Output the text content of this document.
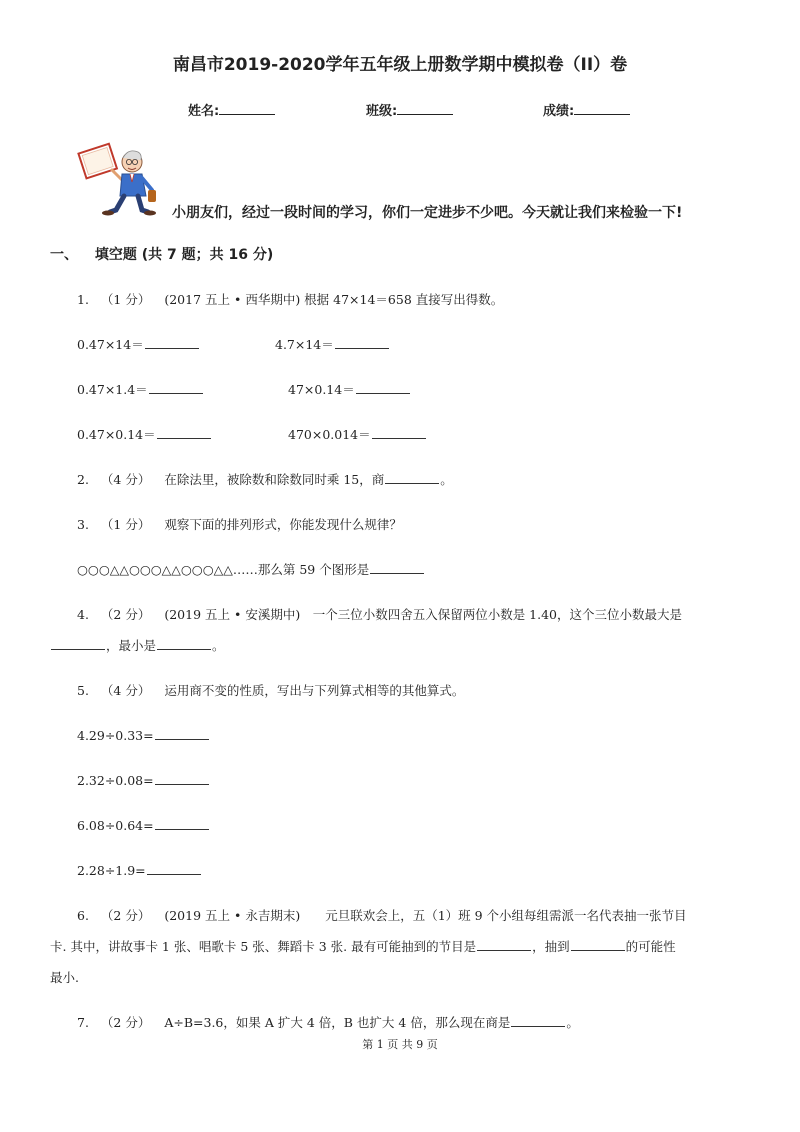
南昌市2019-2020学年五年级上册数学期中模拟卷（II）卷
姓名:	班级:	成绩:
小朋友们，经过一段时间的学习，你们一定进步不少吧。今天就让我们来检验一下!
一、 填空题 (共 7 题；共 16 分)
1. （1 分） (2017 五上 • 西华期中) 根据 47×14＝658 直接写出得数。
0.47×14＝	4.7×14＝
0.47×1.4＝	47×0.14＝
0.47×0.14＝	470×0.014＝
2. （4 分） 在除法里，被除数和除数同时乘 15，商	。
3. （1 分） 观察下面的排列形式，你能发现什么规律？
○○○△△○○○△△○○○△△……那么第 59 个图形是
4. （2 分） (2019 五上 • 安溪期中)　一个三位小数四舍五入保留两位小数是 1.40，这个三位小数最大是
，最小是	。
5. （4 分） 运用商不变的性质，写出与下列算式相等的其他算式。
4.29÷0.33=
2.32÷0.08=
6.08÷0.64=
2.28÷1.9=
6. （2 分） (2019 五上 • 永吉期末)　　元旦联欢会上，五（1）班 9 个小组每组需派一名代表抽一张节目
卡. 其中，讲故事卡 1 张、唱歌卡 5 张、舞蹈卡 3 张. 最有可能抽到的节目是	，抽到	的可能性
最小.
7. （2 分） A÷B=3.6，如果 A 扩大 4 倍，B 也扩大 4 倍，那么现在商是	。
第 1 页 共 9 页
